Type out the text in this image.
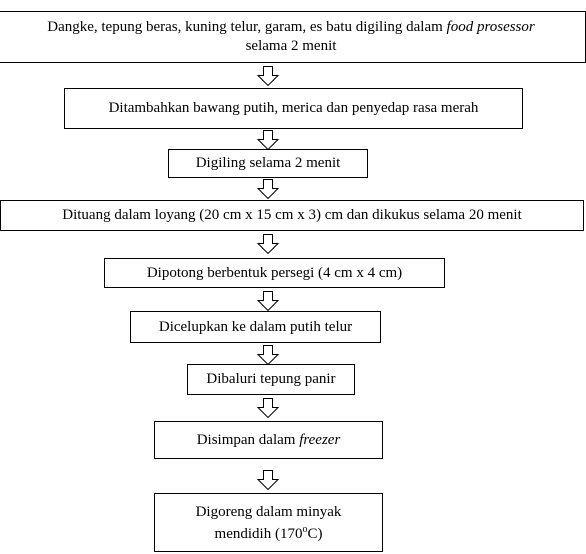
Dangke, tepung beras, kuning telur, garam, es batu digiling dalam food prosessor
selama 2 menit
Ditambahkan bawang putih, merica dan penyedap rasa merah
Digiling selama 2 menit
Dituang dalam loyang (20 cm x 15 cm x 3) cm dan dikukus selama 20 menit
Dipotong berbentuk persegi (4 cm x 4 cm)
Dicelupkan ke dalam putih telur
Dibaluri tepung panir
Disimpan dalam freezer
Digoreng dalam minyak
mendidih (170$^o$C)
